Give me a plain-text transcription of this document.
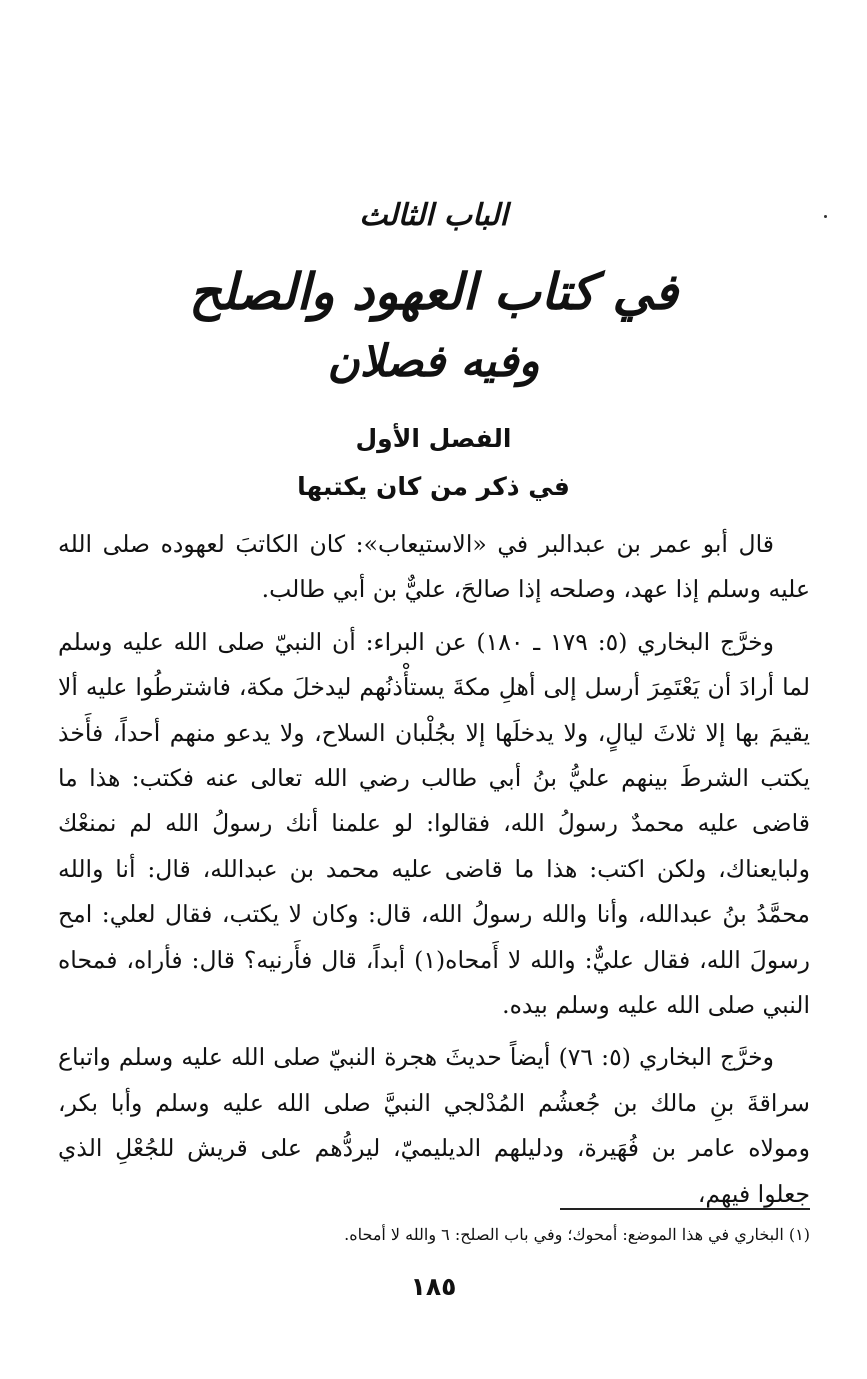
الباب الثالث
في كتاب العهود والصلح
وفيه فصلان
الفصل الأول
في ذكر من كان يكتبها

قال أبو عمر بن عبدالبر في «الاستيعاب»: كان الكاتبَ لعهوده صلى الله عليه وسلم إذا عهد، وصلحه إذا صالحَ، عليٌّ بن أبي طالب.

وخرَّج البخاري (٥: ١٧٩ ـ ١٨٠) عن البراء: أن النبيّ صلى الله عليه وسلم لما أرادَ أن يَعْتَمِرَ أرسل إلى أهلِ مكةَ يستأْذنُهم ليدخلَ مكة، فاشترطُوا عليه ألا يقيمَ بها إلا ثلاثَ ليالٍ، ولا يدخلَها إلا بجُلْبان السلاح، ولا يدعو منهم أحداً، فأَخذ يكتب الشرطَ بينهم عليُّ بنُ أبي طالب رضي الله تعالى عنه فكتب: هذا ما قاضى عليه محمدٌ رسولُ الله، فقالوا: لو علمنا أنك رسولُ الله لم نمنعْك ولبايعناك، ولكن اكتب: هذا ما قاضى عليه محمد بن عبدالله، قال: أنا والله محمَّدُ بنُ عبدالله، وأنا والله رسولُ الله، قال: وكان لا يكتب، فقال لعلي: امح رسولَ الله، فقال عليٌّ: والله لا أَمحاه(١) أبداً، قال فأَرنيه؟ قال: فأراه، فمحاه النبي صلى الله عليه وسلم بيده.

وخرَّج البخاري (٥: ٧٦) أيضاً حديثَ هجرة النبيّ صلى الله عليه وسلم واتباع سراقةَ بنِ مالك بن جُعشُم المُدْلجي النبيَّ صلى الله عليه وسلم وأبا بكر، ومولاه عامر بن فُهَيرة، ودليلهم الديليميّ، ليردُّهم على قريش للجُعْلِ الذي جعلوا فيهم،

(١) البخاري في هذا الموضع: أمحوك؛ وفي باب الصلح: ٦ والله لا أمحاه.
١٨٥
